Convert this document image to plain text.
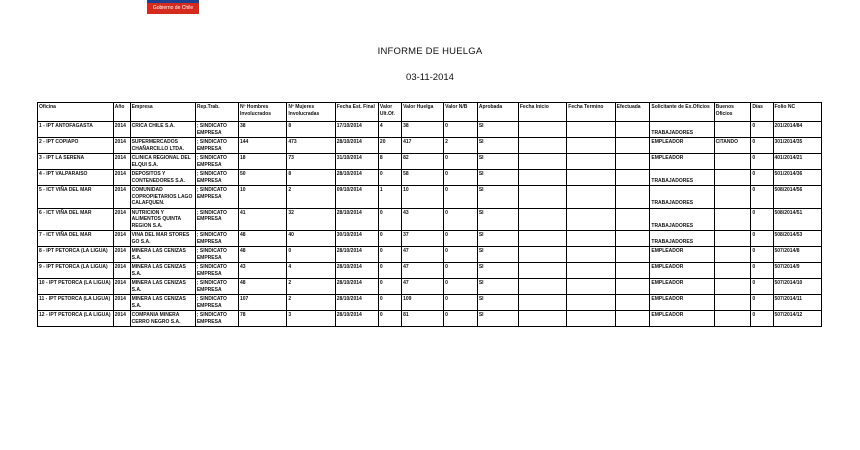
Gobierno de Chile
INFORME DE HUELGA
03-11-2014
Oficina	Año	Empresa	Rep.Trab.	Nº Hombres Involucrados	Nº Mujeres Involucradas	Fecha Est. Final	Valor Ult.Of.	Valor Huelga	Valor N/B	Aprobada	Fecha Inicio	Fecha Termino	Efectuada	Solicitante de Ex.Oficios	Buenos Oficios	Días	Folio NC
1 - IPT ANTOFAGASTA	2014	CRICA CHILE S.A.	; SINDICATO EMPRESA	38	8	17/10/2014	4	38	0	SI				TRABAJADORES		0	201/2014/84
2 - IPT COPIAPO	2014	SUPERMERCADOS CHAÑARCILLO LTDA.	; SINDICATO EMPRESA	144	473	28/10/2014	20	417	2	SI				EMPLEADOR	CITANDO	0	301/2014/35
3 - IPT LA SERENA	2014	CLINICA REGIONAL DEL ELQUI S.A.	; SINDICATO EMPRESA	18	73	31/10/2014	8	82	0	SI				EMPLEADOR		0	401/2014/21
4 - IPT VALPARAISO	2014	DEPOSITOS Y CONTENEDORES S.A.	; SINDICATO EMPRESA	50	8	28/10/2014	0	58	0	SI				TRABAJADORES		0	501/2014/36
5 - ICT VIÑA DEL MAR	2014	COMUNIDAD COPROPIETARIOS LAGO CALAFQUEN.	; SINDICATO EMPRESA	10	2	09/10/2014	1	10	0	SI				TRABAJADORES		0	508/2014/56
6 - ICT VIÑA DEL MAR	2014	NUTRICION Y ALIMENTOS QUINTA REGION S.A.	; SINDICATO EMPRESA	41	32	28/10/2014	0	43	0	SI				TRABAJADORES		0	508/2014/51
7 - ICT VIÑA DEL MAR	2014	VINA DEL MAR STORES GO S.A.	; SINDICATO EMPRESA	48	40	30/10/2014	0	37	0	SI				TRABAJADORES		0	508/2014/53
8 - IPT PETORCA (LA LIGUA)	2014	MINERA LAS CENIZAS S.A.	; SINDICATO EMPRESA	48	0	28/10/2014	0	47	0	SI				EMPLEADOR		0	507/2014/8
9 - IPT PETORCA (LA LIGUA)	2014	MINERA LAS CENIZAS S.A.	; SINDICATO EMPRESA	43	4	28/10/2014	0	47	0	SI				EMPLEADOR		0	507/2014/9
10 - IPT PETORCA (LA LIGUA)	2014	MINERA LAS CENIZAS S.A.	; SINDICATO EMPRESA	48	2	28/10/2014	0	47	0	SI				EMPLEADOR		0	507/2014/10
11 - IPT PETORCA (LA LIGUA)	2014	MINERA LAS CENIZAS S.A.	; SINDICATO EMPRESA	107	2	28/10/2014	0	109	0	SI				EMPLEADOR		0	507/2014/11
12 - IPT PETORCA (LA LIGUA)	2014	COMPANIA MINERA CERRO NEGRO S.A.	; SINDICATO EMPRESA	78	3	28/10/2014	0	81	0	SI				EMPLEADOR		0	507/2014/12
